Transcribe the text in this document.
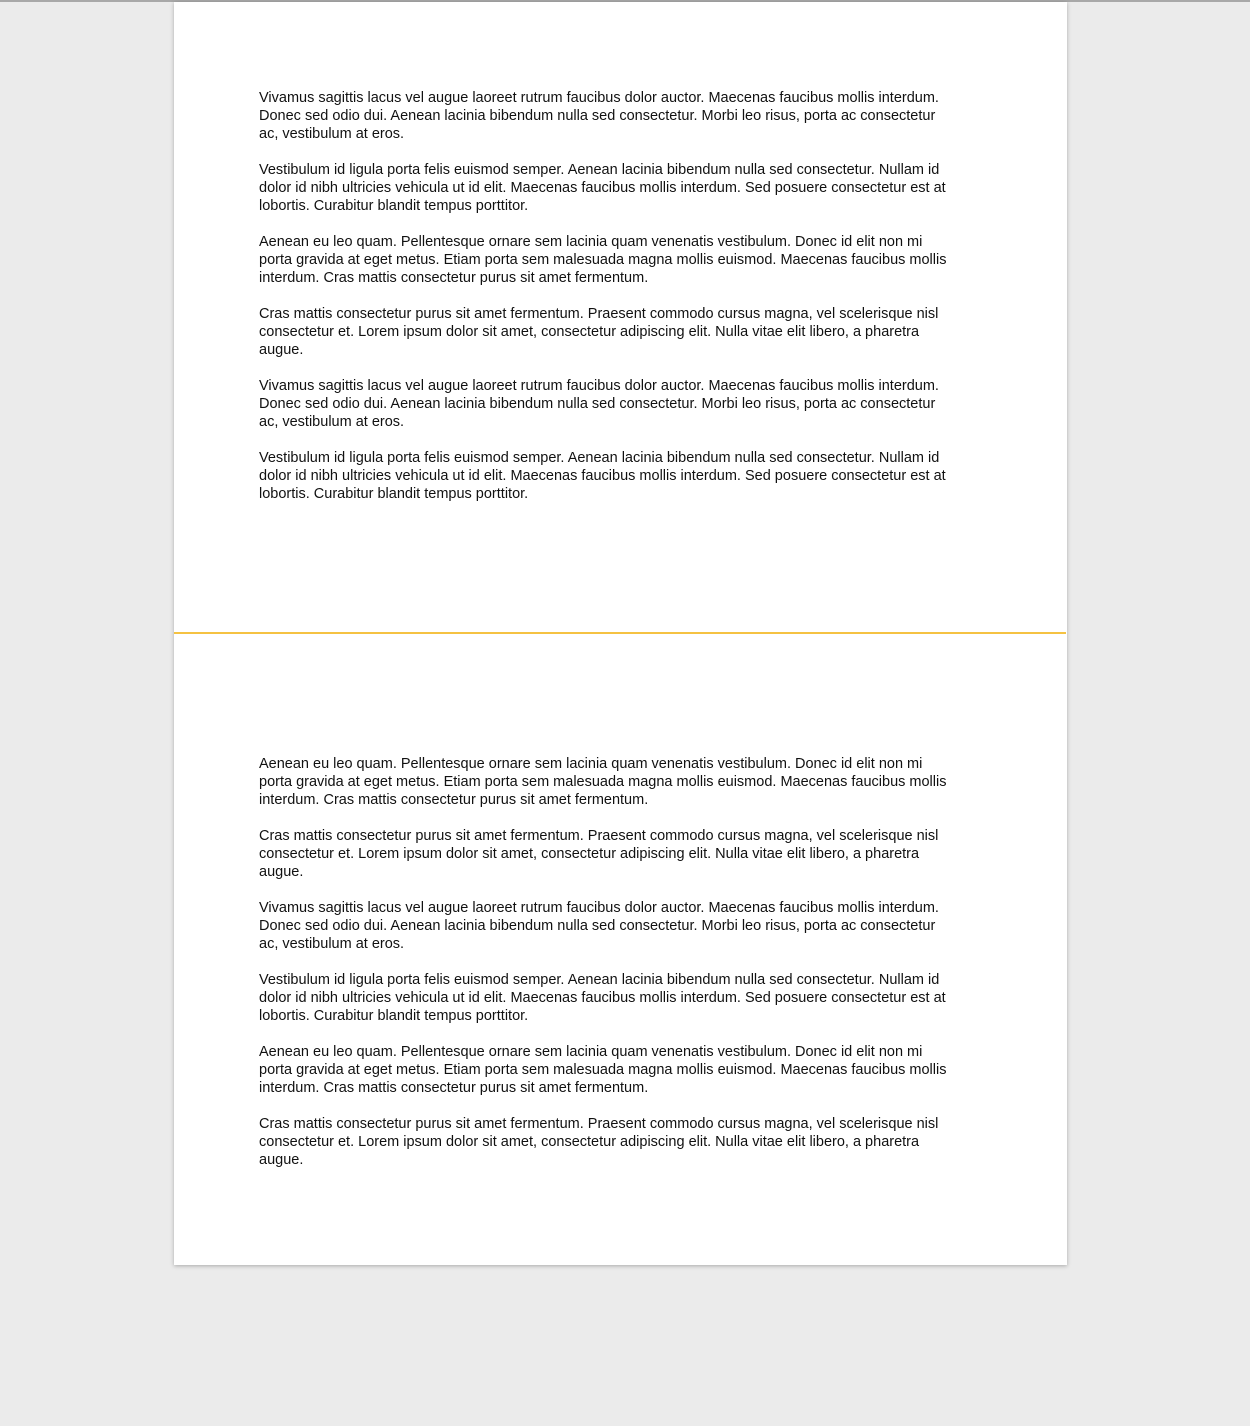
Vivamus sagittis lacus vel augue laoreet rutrum faucibus dolor auctor. Maecenas faucibus mollis interdum.
Donec sed odio dui. Aenean lacinia bibendum nulla sed consectetur. Morbi leo risus, porta ac consectetur
ac, vestibulum at eros.

Vestibulum id ligula porta felis euismod semper. Aenean lacinia bibendum nulla sed consectetur. Nullam id
dolor id nibh ultricies vehicula ut id elit. Maecenas faucibus mollis interdum. Sed posuere consectetur est at
lobortis. Curabitur blandit tempus porttitor.

Aenean eu leo quam. Pellentesque ornare sem lacinia quam venenatis vestibulum. Donec id elit non mi
porta gravida at eget metus. Etiam porta sem malesuada magna mollis euismod. Maecenas faucibus mollis
interdum. Cras mattis consectetur purus sit amet fermentum.

Cras mattis consectetur purus sit amet fermentum. Praesent commodo cursus magna, vel scelerisque nisl
consectetur et. Lorem ipsum dolor sit amet, consectetur adipiscing elit. Nulla vitae elit libero, a pharetra
augue.

Vivamus sagittis lacus vel augue laoreet rutrum faucibus dolor auctor. Maecenas faucibus mollis interdum.
Donec sed odio dui. Aenean lacinia bibendum nulla sed consectetur. Morbi leo risus, porta ac consectetur
ac, vestibulum at eros.

Vestibulum id ligula porta felis euismod semper. Aenean lacinia bibendum nulla sed consectetur. Nullam id
dolor id nibh ultricies vehicula ut id elit. Maecenas faucibus mollis interdum. Sed posuere consectetur est at
lobortis. Curabitur blandit tempus porttitor.

Aenean eu leo quam. Pellentesque ornare sem lacinia quam venenatis vestibulum. Donec id elit non mi
porta gravida at eget metus. Etiam porta sem malesuada magna mollis euismod. Maecenas faucibus mollis
interdum. Cras mattis consectetur purus sit amet fermentum.

Cras mattis consectetur purus sit amet fermentum. Praesent commodo cursus magna, vel scelerisque nisl
consectetur et. Lorem ipsum dolor sit amet, consectetur adipiscing elit. Nulla vitae elit libero, a pharetra
augue.

Vivamus sagittis lacus vel augue laoreet rutrum faucibus dolor auctor. Maecenas faucibus mollis interdum.
Donec sed odio dui. Aenean lacinia bibendum nulla sed consectetur. Morbi leo risus, porta ac consectetur
ac, vestibulum at eros.

Vestibulum id ligula porta felis euismod semper. Aenean lacinia bibendum nulla sed consectetur. Nullam id
dolor id nibh ultricies vehicula ut id elit. Maecenas faucibus mollis interdum. Sed posuere consectetur est at
lobortis. Curabitur blandit tempus porttitor.

Aenean eu leo quam. Pellentesque ornare sem lacinia quam venenatis vestibulum. Donec id elit non mi
porta gravida at eget metus. Etiam porta sem malesuada magna mollis euismod. Maecenas faucibus mollis
interdum. Cras mattis consectetur purus sit amet fermentum.

Cras mattis consectetur purus sit amet fermentum. Praesent commodo cursus magna, vel scelerisque nisl
consectetur et. Lorem ipsum dolor sit amet, consectetur adipiscing elit. Nulla vitae elit libero, a pharetra
augue.
